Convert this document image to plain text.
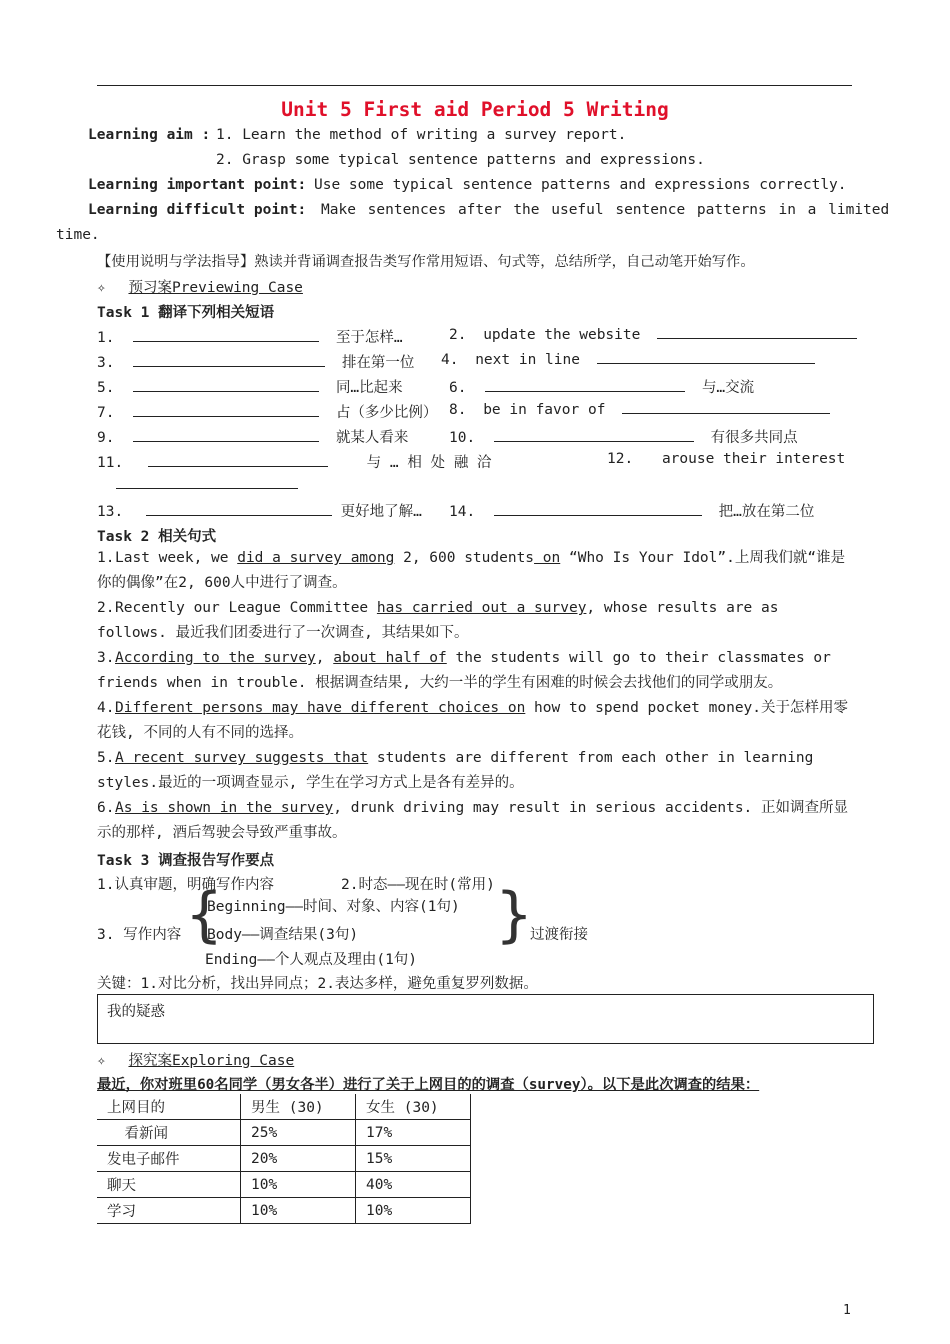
Unit 5 First aid Period 5 Writing
Learning aim : 1. Learn the method of writing a survey report.
2. Grasp some typical sentence patterns and expressions.
Learning important point: Use some typical sentence patterns and expressions correctly.
Learning difficult point: Make sentences after the useful sentence patterns in a limited
time.
【使用说明与学法指导】熟读并背诵调查报告类写作常用短语、句式等，总结所学，自己动笔开始写作。
✧ 预习案Previewing Case
Task 1 翻译下列相关短语
1.	至于怎样…	2. update the website
3.	排在第一位 4. next in line
5.	同…比起来	6.	与…交流
7.	占（多少比例） 8. be in favor of
9.	就某人看来	10.	有很多共同点
11.	与 … 相 处 融 洽	12. arouse their interest
13.	更好地了解… 14.	把…放在第二位
Task 2 相关句式
1.Last week, we did a survey among 2, 600 students on “Who Is Your Idol”.上周我们就“谁是你的偶像”在2, 600人中进行了调查。
2.Recently our League Committee has carried out a survey, whose results are as follows. 最近我们团委进行了一次调查, 其结果如下。
3.According to the survey, about half of the students will go to their classmates or friends when in trouble. 根据调查结果, 大约一半的学生有困难的时候会去找他们的同学或朋友。
4.Different persons may have different choices on how to spend pocket money.关于怎样用零花钱, 不同的人有不同的选择。
5.A recent survey suggests that students are different from each other in learning styles.最近的一项调查显示, 学生在学习方式上是各有差异的。
6.As is shown in the survey, drunk driving may result in serious accidents. 正如调查所显示的那样, 酒后驾驶会导致严重事故。
Task 3 调查报告写作要点
1.认真审题，明确写作内容	2.时态——现在时(常用)
3. 写作内容 {
Beginning——时间、对象、内容(1句)
Body——调查结果(3句)
Ending——个人观点及理由(1句)
}
过渡衔接
关键：1.对比分析，找出异同点；2.表达多样，避免重复罗列数据。
我的疑惑
✧ 探究案Exploring Case
最近，你对班里60名同学（男女各半）进行了关于上网目的的调查（survey）。以下是此次调查的结果：
上网目的	男生 (30)	女生 (30)
看新闻	25%	17%
发电子邮件	20%	15%
聊天	10%	40%
学习	10%	10%
1
